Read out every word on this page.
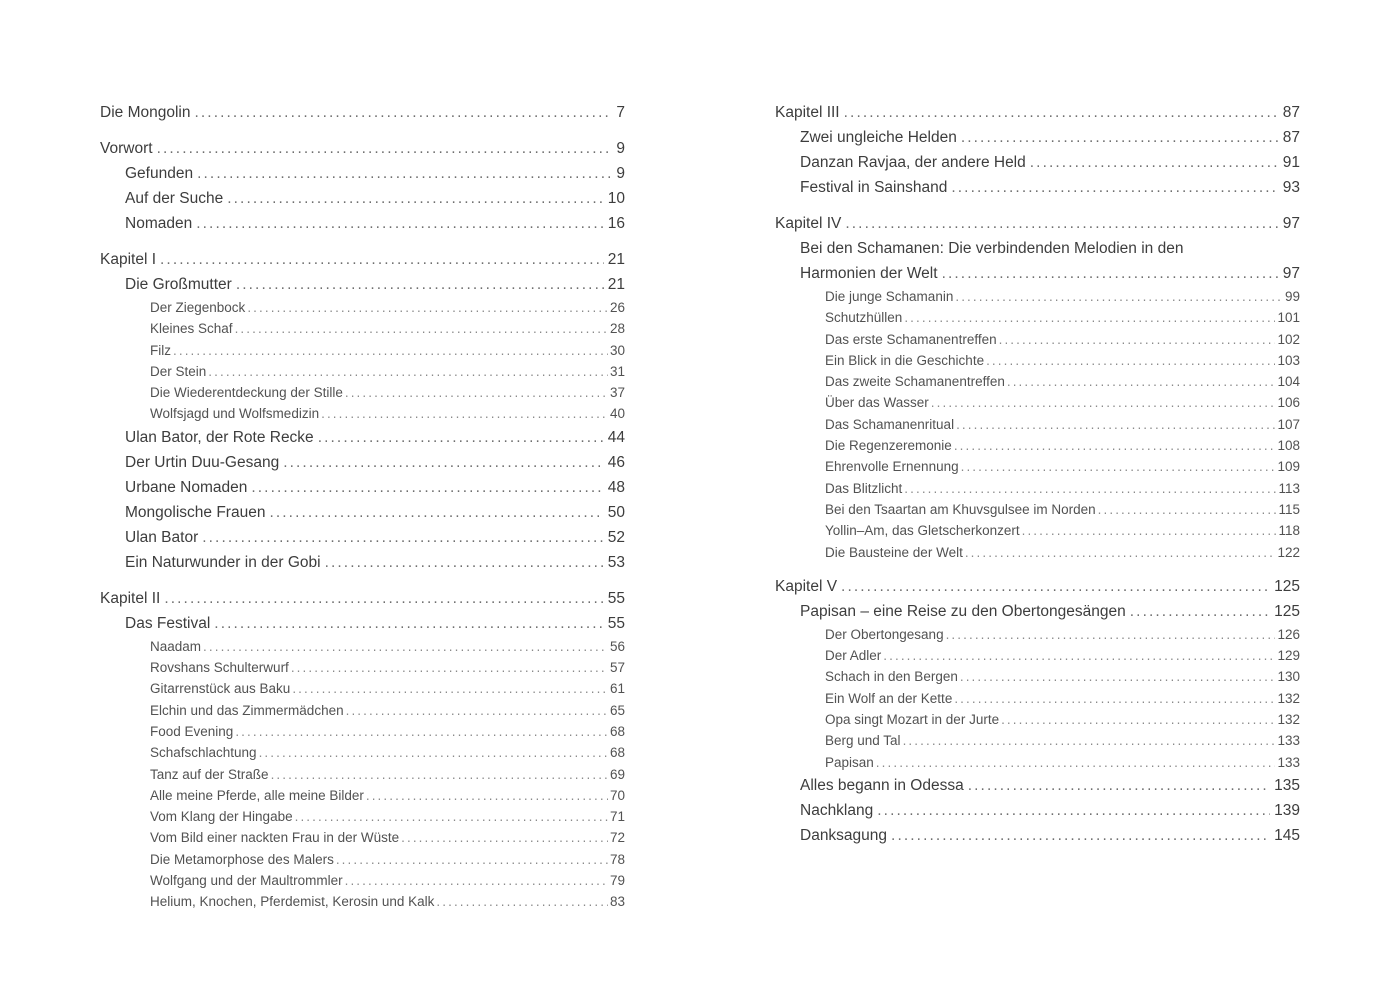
Die Mongolin .....	7
Vorwort .....	9
Gefunden .....	9
Auf der Suche .....	10
Nomaden .....	16
Kapitel I .....	21
Die Großmutter .....	21
Der Ziegenbock .....	26
Kleines Schaf .....	28
Filz .....	30
Der Stein .....	31
Die Wiederentdeckung der Stille .....	37
Wolfsjagd und Wolfsmedizin .....	40
Ulan Bator, der Rote Recke .....	44
Der Urtin Duu-Gesang .....	46
Urbane Nomaden .....	48
Mongolische Frauen .....	50
Ulan Bator .....	52
Ein Naturwunder in der Gobi .....	53
Kapitel II .....	55
Das Festival .....	55
Naadam .....	56
Rovshans Schulterwurf .....	57
Gitarrenstück aus Baku .....	61
Elchin und das Zimmermädchen .....	65
Food Evening .....	68
Schafschlachtung .....	68
Tanz auf der Straße .....	69
Alle meine Pferde, alle meine Bilder .....	70
Vom Klang der Hingabe .....	71
Vom Bild einer nackten Frau in der Wüste .....	72
Die Metamorphose des Malers .....	78
Wolfgang und der Maultrommler .....	79
Helium, Knochen, Pferdemist, Kerosin und Kalk .....	83
Kapitel III .....	87
Zwei ungleiche Helden .....	87
Danzan Ravjaa, der andere Held .....	91
Festival in Sainshand .....	93
Kapitel IV .....	97
Bei den Schamanen: Die verbindenden Melodien in den
Harmonien der Welt .....	97
Die junge Schamanin .....	99
Schutzhüllen .....	101
Das erste Schamanentreffen .....	102
Ein Blick in die Geschichte .....	103
Das zweite Schamanentreffen .....	104
Über das Wasser .....	106
Das Schamanenritual .....	107
Die Regenzeremonie .....	108
Ehrenvolle Ernennung .....	109
Das Blitzlicht .....	113
Bei den Tsaartan am Khuvsgulsee im Norden .....	115
Yollin–Am, das Gletscherkonzert .....	118
Die Bausteine der Welt .....	122
Kapitel V .....	125
Papisan – eine Reise zu den Obertongesängen .....	125
Der Obertongesang .....	126
Der Adler .....	129
Schach in den Bergen .....	130
Ein Wolf an der Kette .....	132
Opa singt Mozart in der Jurte .....	132
Berg und Tal .....	133
Papisan .....	133
Alles begann in Odessa .....	135
Nachklang .....	139
Danksagung .....	145
